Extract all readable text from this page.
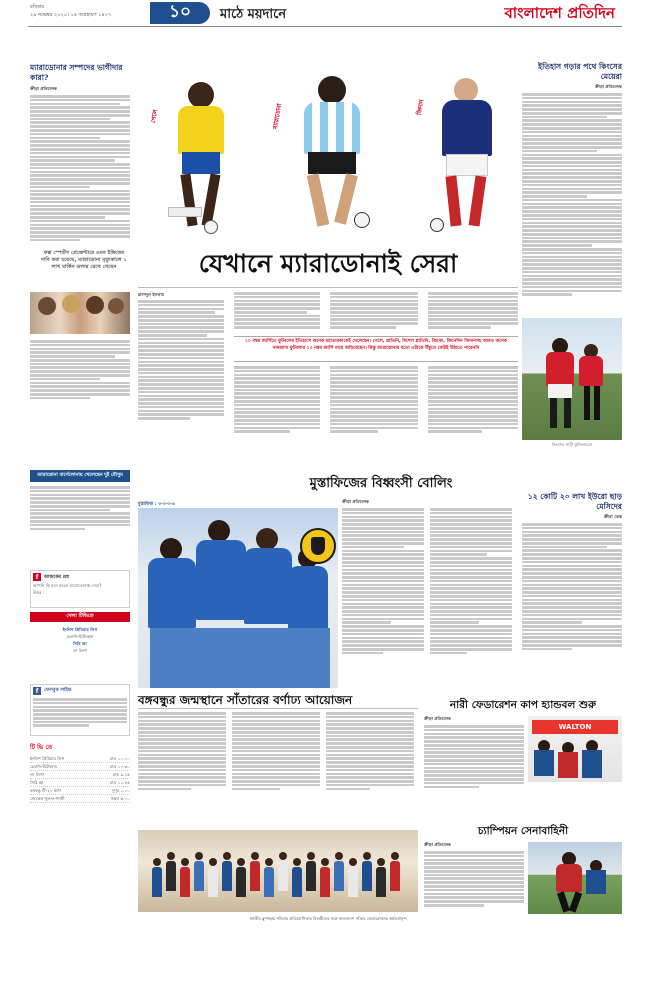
রবিবার
২৯ নভেম্বর ২০২০। ১৪ অগ্রহায়ণ ১৪২৭	১০ মাঠে ময়দানে	বাংলাদেশ প্রতিদিন
ম্যারাডোনার সম্পদের ভাগীদার কারা?
ক্রীড়া প্রতিবেদক
ফক্স স্পোর্টস প্রেজেন্টারে এমন ইঙ্গিতের দাবি করা হয়েছে, ম্যারাডোনা মৃত্যুকালে ১ লাখ মার্কিন ডলার রেখে গেছেন
পেলে	ম্যারাডোনা	জিদান
যেখানে ম্যারাডোনাই সেরা
রাশেদুল ইসলাম
১০ নম্বর জার্সিতে ফুটবলের ইতিহাসে অনেক মহাতারকাকেই খেলেছেন। পেলে, প্লাতিনি, মিশেল প্লাতিনি, জিকো, জিনেদিন জিদানসহ আরও অনেক নামজাদা ফুটবলার ১০ নম্বর জার্সি গায়ে জড়িয়েছেন। কিন্তু ম্যারাডোনার মতো এটাকে উঁচুতে কেউই উঠাতে পারেননি
ইতিহাস গড়ার পথে কিংসের মেয়েরা
ক্রীড়া প্রতিবেদক
কিংসের নারী ফুটবলাররা
ম্যারাডোনা বার্সেলোনায় খেলেছেন দুই মৌসুম
মুস্তাফিজের বিধ্বংসী বোলিং
মুস্তাফিজ : ৩-৩-৩-৪
ক্রীড়া প্রতিবেদক
১২ কোটি ২০ লাখ ইউরো ছাড় মেসিদের
ক্রীড়া ডেস্ক
f	আজকের প্রশ্ন
আপনি কি মনে করেন ম্যারাডোনাই সেরা?
উত্তর :
খেলা টিভিতে
ইংলিশ প্রিমিয়ার লিগ
চেলসি-টটেনহাম
সিরি আ
লা লিগা
f	ফেসবুক লাইভ
টি ভি তে
ইংলিশ প্রিমিয়ার লিগ	রাত ১০.০০
চেলসি-টটেনহাম	রাত ১০.৩০
লা লিগা	রাত ৯.১৫
সিরি আ	রাত ১১.৪৫
বঙ্গবন্ধু টি-২০ কাপ	দুপুর ১.০০
জেমকন খুলনা-গাজী	সন্ধ্যা ৬.০০
বঙ্গবন্ধুর জন্মস্থানে সাঁতারের বর্ণাঢ্য আয়োজন
জাতীয় ক্লুপাড়ায় শনিবার প্রতিযোগিতার বিজয়ীদের সঙ্গে বাংলাদেশ সাঁতার ফেডারেশনের কর্মকর্তাবৃন্দ
নারী ফেডারেশন কাপ হ্যান্ডবল শুরু
ক্রীড়া প্রতিবেদক
WALTON
চ্যাম্পিয়ন সেনাবাহিনী
ক্রীড়া প্রতিবেদক
